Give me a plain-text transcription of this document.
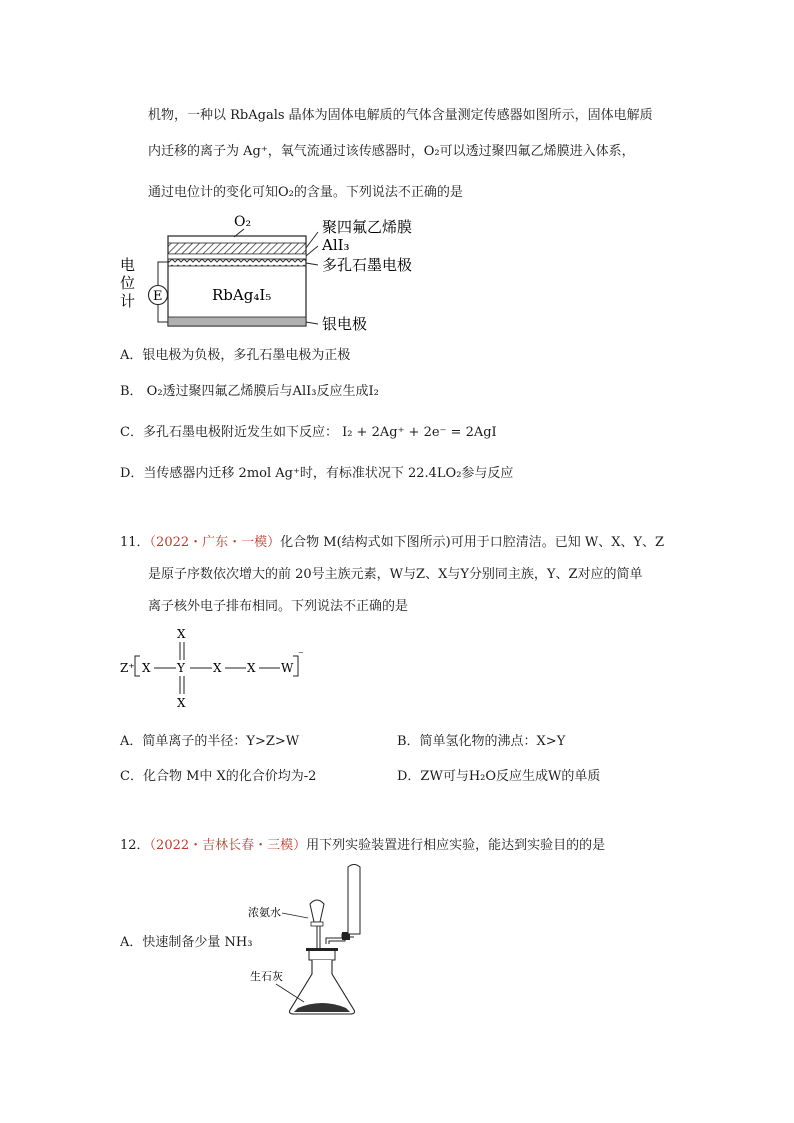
机物，一种以 RbAgals 晶体为固体电解质的气体含量测定传感器如图所示，固体电解质
内迁移的离子为 Ag⁺，氧气流通过该传感器时，O₂可以透过聚四氟乙烯膜进入体系，
通过电位计的变化可知O₂的含量。下列说法不正确的是
O₂
RbAg₄I₅
E
电
位
计
聚四氟乙烯膜
AlI₃
多孔石墨电极
银电极
A．银电极为负极，多孔石墨电极为正极
B． O₂透过聚四氟乙烯膜后与AlI₃反应生成I₂
C．多孔石墨电极附近发生如下反应： I₂ + 2Ag⁺ + 2e⁻ = 2AgI
D．当传感器内迁移 2mol Ag⁺时，有标准状况下 22.4LO₂参与反应
11．（2022・广东・一模）化合物 M(结构式如下图所示)可用于口腔清洁。已知 W、X、Y、Z
是原子序数依次增大的前 20号主族元素，W与Z、X与Y分别同主族，Y、Z对应的简单
离子核外电子排布相同。下列说法不正确的是
Z⁺ X Y
X
X
X X W
⁻
A．简单离子的半径：Y>Z>W	B．简单氢化物的沸点：X>Y
C．化合物 M中 X的化合价均为-2	D．ZW可与H₂O反应生成W的单质
12．（2022・吉林长春・三模）用下列实验装置进行相应实验，能达到实验目的的是
A．快速制备少量 NH₃
浓氨水
生石灰
